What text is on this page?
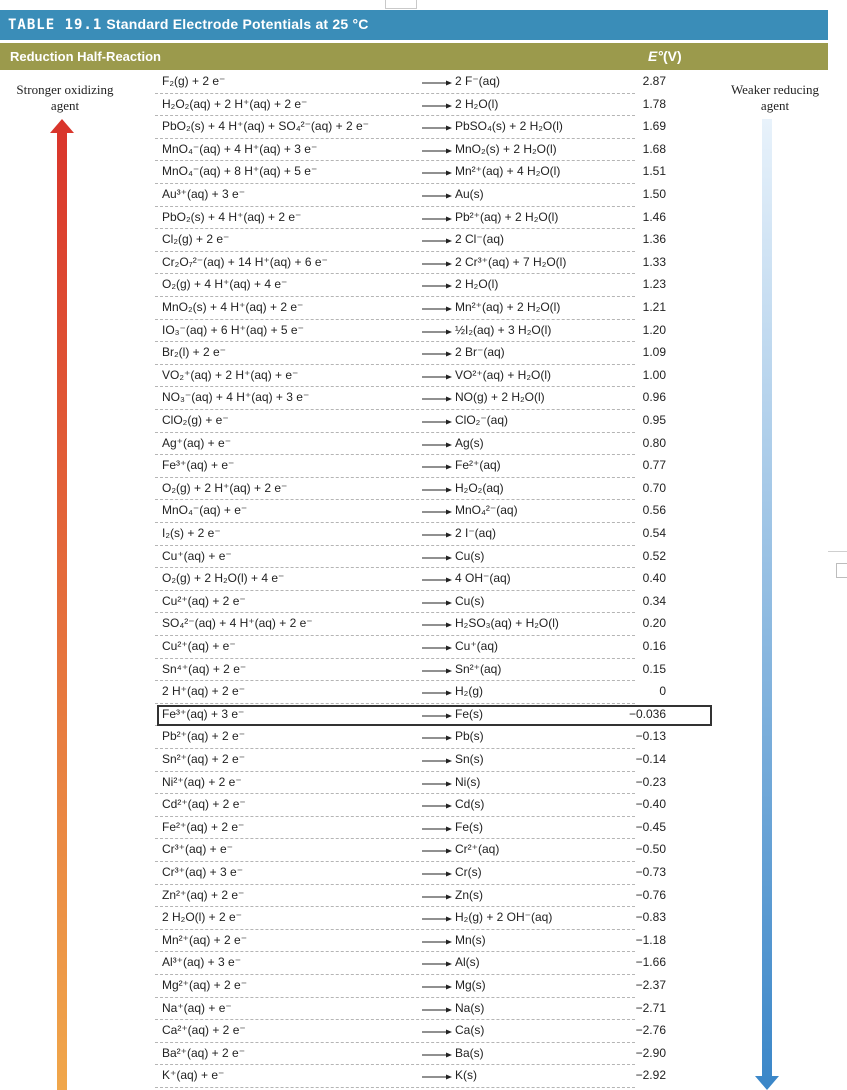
TABLE 19.1 Standard Electrode Potentials at 25 °C
Reduction Half-Reaction	E°(V)
Stronger oxidizing agent
Weaker reducing agent
F₂(g) + 2 e⁻	→ 2 F⁻(aq)	2.87
H₂O₂(aq) + 2 H⁺(aq) + 2 e⁻	→ 2 H₂O(l)	1.78
PbO₂(s) + 4 H⁺(aq) + SO₄²⁻(aq) + 2 e⁻	→ PbSO₄(s) + 2 H₂O(l)	1.69
MnO₄⁻(aq) + 4 H⁺(aq) + 3 e⁻	→ MnO₂(s) + 2 H₂O(l)	1.68
MnO₄⁻(aq) + 8 H⁺(aq) + 5 e⁻	→ Mn²⁺(aq) + 4 H₂O(l)	1.51
Au³⁺(aq) + 3 e⁻	→ Au(s)	1.50
PbO₂(s) + 4 H⁺(aq) + 2 e⁻	→ Pb²⁺(aq) + 2 H₂O(l)	1.46
Cl₂(g) + 2 e⁻	→ 2 Cl⁻(aq)	1.36
Cr₂O₇²⁻(aq) + 14 H⁺(aq) + 6 e⁻	→ 2 Cr³⁺(aq) + 7 H₂O(l)	1.33
O₂(g) + 4 H⁺(aq) + 4 e⁻	→ 2 H₂O(l)	1.23
MnO₂(s) + 4 H⁺(aq) + 2 e⁻	→ Mn²⁺(aq) + 2 H₂O(l)	1.21
IO₃⁻(aq) + 6 H⁺(aq) + 5 e⁻	→ ½I₂(aq) + 3 H₂O(l)	1.20
Br₂(l) + 2 e⁻	→ 2 Br⁻(aq)	1.09
VO₂⁺(aq) + 2 H⁺(aq) + e⁻	→ VO²⁺(aq) + H₂O(l)	1.00
NO₃⁻(aq) + 4 H⁺(aq) + 3 e⁻	→ NO(g) + 2 H₂O(l)	0.96
ClO₂(g) + e⁻	→ ClO₂⁻(aq)	0.95
Ag⁺(aq) + e⁻	→ Ag(s)	0.80
Fe³⁺(aq) + e⁻	→ Fe²⁺(aq)	0.77
O₂(g) + 2 H⁺(aq) + 2 e⁻	→ H₂O₂(aq)	0.70
MnO₄⁻(aq) + e⁻	→ MnO₄²⁻(aq)	0.56
I₂(s) + 2 e⁻	→ 2 I⁻(aq)	0.54
Cu⁺(aq) + e⁻	→ Cu(s)	0.52
O₂(g) + 2 H₂O(l) + 4 e⁻	→ 4 OH⁻(aq)	0.40
Cu²⁺(aq) + 2 e⁻	→ Cu(s)	0.34
SO₄²⁻(aq) + 4 H⁺(aq) + 2 e⁻	→ H₂SO₃(aq) + H₂O(l)	0.20
Cu²⁺(aq) + e⁻	→ Cu⁺(aq)	0.16
Sn⁴⁺(aq) + 2 e⁻	→ Sn²⁺(aq)	0.15
2 H⁺(aq) + 2 e⁻	→ H₂(g)	0
Fe³⁺(aq) + 3 e⁻	→ Fe(s)	−0.036
Pb²⁺(aq) + 2 e⁻	→ Pb(s)	−0.13
Sn²⁺(aq) + 2 e⁻	→ Sn(s)	−0.14
Ni²⁺(aq) + 2 e⁻	→ Ni(s)	−0.23
Cd²⁺(aq) + 2 e⁻	→ Cd(s)	−0.40
Fe²⁺(aq) + 2 e⁻	→ Fe(s)	−0.45
Cr³⁺(aq) + e⁻	→ Cr²⁺(aq)	−0.50
Cr³⁺(aq) + 3 e⁻	→ Cr(s)	−0.73
Zn²⁺(aq) + 2 e⁻	→ Zn(s)	−0.76
2 H₂O(l) + 2 e⁻	→ H₂(g) + 2 OH⁻(aq)	−0.83
Mn²⁺(aq) + 2 e⁻	→ Mn(s)	−1.18
Al³⁺(aq) + 3 e⁻	→ Al(s)	−1.66
Mg²⁺(aq) + 2 e⁻	→ Mg(s)	−2.37
Na⁺(aq) + e⁻	→ Na(s)	−2.71
Ca²⁺(aq) + 2 e⁻	→ Ca(s)	−2.76
Ba²⁺(aq) + 2 e⁻	→ Ba(s)	−2.90
K⁺(aq) + e⁻	→ K(s)	−2.92
